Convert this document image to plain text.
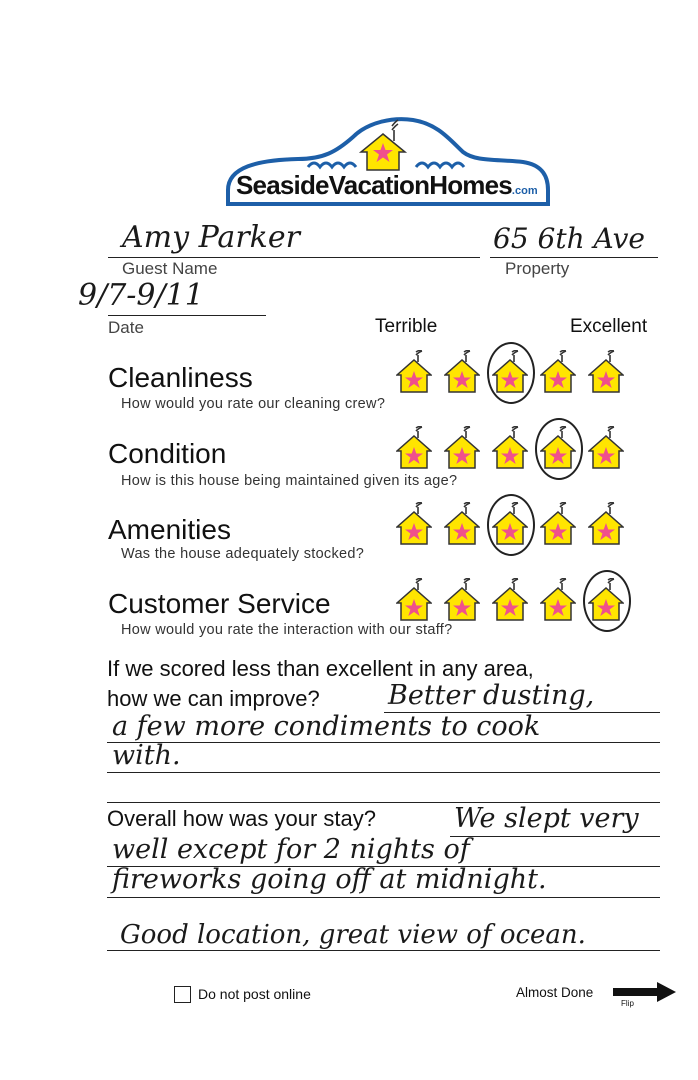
SeasideVacationHomes.com
Amy Parker
Guest Name
65 6th Ave
Property
9/7-9/11
Date	Terrible	Excellent
Cleanliness
How would you rate our cleaning crew?
Condition
How is this house being maintained given its age?
Amenities
Was the house adequately stocked?
Customer Service
How would you rate the interaction with our staff?
If we scored less than excellent in any area,
how we can improve?	Better dusting,
a few more condiments to cook
with.
Overall how was your stay?	We slept very
well except for 2 nights of
fireworks going off at midnight.
Good location, great view of ocean.
Do not post online	Almost Done
Flip
